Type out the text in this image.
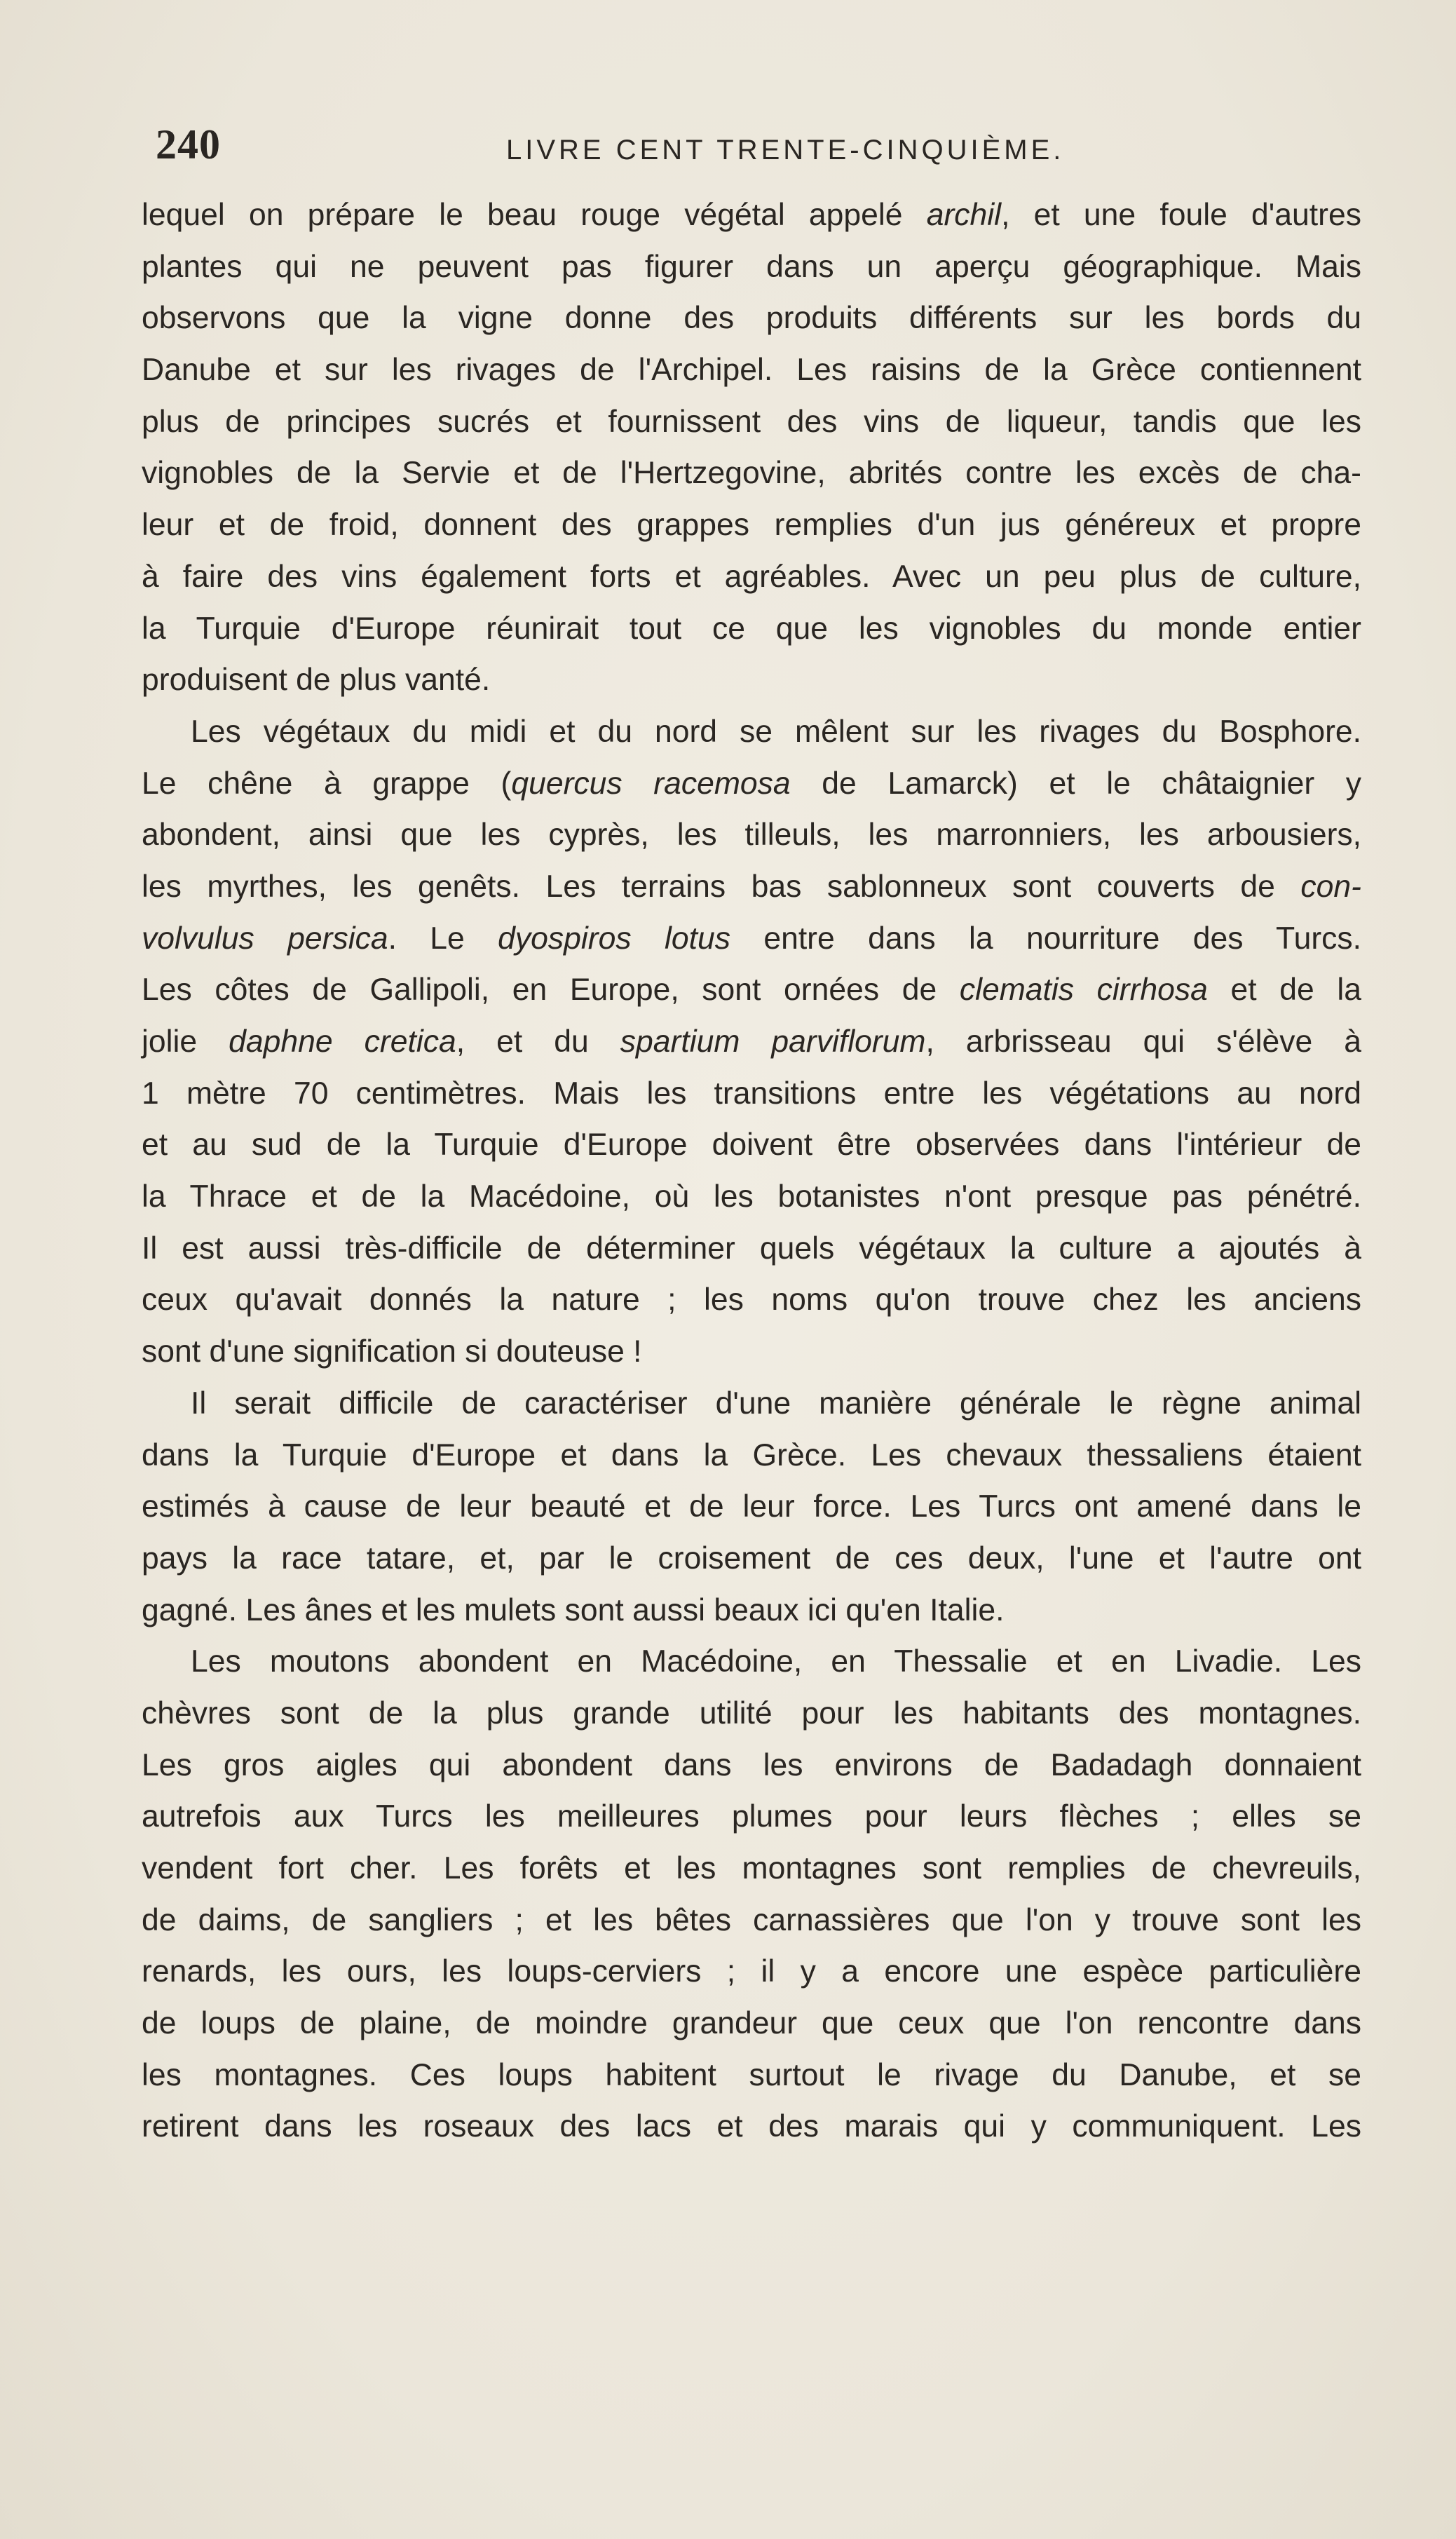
240	LIVRE CENT TRENTE-CINQUIÈME.
lequel on prépare le beau rouge végétal appelé archil, et une foule d'autres
plantes qui ne peuvent pas figurer dans un aperçu géographique. Mais
observons que la vigne donne des produits différents sur les bords du
Danube et sur les rivages de l'Archipel. Les raisins de la Grèce contiennent
plus de principes sucrés et fournissent des vins de liqueur, tandis que les
vignobles de la Servie et de l'Hertzegovine, abrités contre les excès de cha-
leur et de froid, donnent des grappes remplies d'un jus généreux et propre
à faire des vins également forts et agréables. Avec un peu plus de culture,
la Turquie d'Europe réunirait tout ce que les vignobles du monde entier
produisent de plus vanté.
Les végétaux du midi et du nord se mêlent sur les rivages du Bosphore.
Le chêne à grappe (quercus racemosa de Lamarck) et le châtaignier y
abondent, ainsi que les cyprès, les tilleuls, les marronniers, les arbousiers,
les myrthes, les genêts. Les terrains bas sablonneux sont couverts de con-
volvulus persica. Le dyospiros lotus entre dans la nourriture des Turcs.
Les côtes de Gallipoli, en Europe, sont ornées de clematis cirrhosa et de la
jolie daphne cretica, et du spartium parviflorum, arbrisseau qui s'élève à
1 mètre 70 centimètres. Mais les transitions entre les végétations au nord
et au sud de la Turquie d'Europe doivent être observées dans l'intérieur de
la Thrace et de la Macédoine, où les botanistes n'ont presque pas pénétré.
Il est aussi très-difficile de déterminer quels végétaux la culture a ajoutés à
ceux qu'avait donnés la nature ; les noms qu'on trouve chez les anciens
sont d'une signification si douteuse !
Il serait difficile de caractériser d'une manière générale le règne animal
dans la Turquie d'Europe et dans la Grèce. Les chevaux thessaliens étaient
estimés à cause de leur beauté et de leur force. Les Turcs ont amené dans le
pays la race tatare, et, par le croisement de ces deux, l'une et l'autre ont
gagné. Les ânes et les mulets sont aussi beaux ici qu'en Italie.
Les moutons abondent en Macédoine, en Thessalie et en Livadie. Les
chèvres sont de la plus grande utilité pour les habitants des montagnes.
Les gros aigles qui abondent dans les environs de Badadagh donnaient
autrefois aux Turcs les meilleures plumes pour leurs flèches ; elles se
vendent fort cher. Les forêts et les montagnes sont remplies de chevreuils,
de daims, de sangliers ; et les bêtes carnassières que l'on y trouve sont les
renards, les ours, les loups-cerviers ; il y a encore une espèce particulière
de loups de plaine, de moindre grandeur que ceux que l'on rencontre dans
les montagnes. Ces loups habitent surtout le rivage du Danube, et se
retirent dans les roseaux des lacs et des marais qui y communiquent. Les
